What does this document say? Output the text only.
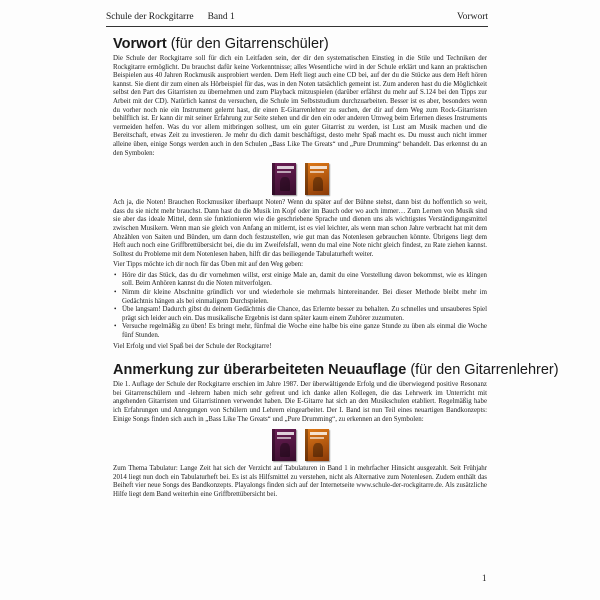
Schule der Rockgitarre Band 1	Vorwort
Vorwort (für den Gitarrenschüler)

Die Schule der Rockgitarre soll für dich ein Leitfaden sein, der dir den systematischen Einstieg in die Stile und Techniken der Rockgitarre ermöglicht. Du brauchst dafür keine Vorkenntnisse; alles Wesentliche wird in der Schule erklärt und kann an praktischen Beispielen aus 40 Jahren Rockmusik ausprobiert werden. Dem Heft liegt auch eine CD bei, auf der du die Stücke aus dem Heft hören kannst. Sie dient dir zum einen als Hörbeispiel für das, was in den Noten tatsächlich gemeint ist. Zum anderen hast du die Möglichkeit selbst den Part des Gitarristen zu übernehmen und zum Playback mitzuspielen (darüber erfährst du mehr auf S.124 bei den Tipps zur Arbeit mit der CD). Natürlich kannst du versuchen, die Schule im Selbststudium durchzuarbeiten. Besser ist es aber, besonders wenn du vorher noch nie ein Instrument gelernt hast, dir einen E-Gitarrenlehrer zu suchen, der dir auf dem Weg zum Rock-Gitarristen behilflich ist. Er kann dir mit seiner Erfahrung zur Seite stehen und dir den ein oder anderen Umweg beim Erlernen dieses Instruments vermeiden helfen. Was du vor allem mitbringen solltest, um ein guter Gitarrist zu werden, ist Lust am Musik machen und die Bereitschaft, etwas Zeit zu investieren. Je mehr du dich damit beschäftigst, desto mehr Spaß macht es. Du musst auch nicht immer alleine üben, einige Songs werden auch in den Schulen „Bass Like The Greats“ und „Pure Drumming“ behandelt. Das erkennst du an den Symbolen:

Ach ja, die Noten! Brauchen Rockmusiker überhaupt Noten? Wenn du später auf der Bühne stehst, dann bist du hoffentlich so weit, dass du sie nicht mehr brauchst. Dann hast du die Musik im Kopf oder im Bauch oder wo auch immer… Zum Lernen von Musik sind sie aber das ideale Mittel, denn sie funktionieren wie die geschriebene Sprache und dienen uns als wichtigstes Verständigungsmittel zwischen Musikern. Wenn man sie gleich von Anfang an mitlernt, ist es viel leichter, als wenn man schon Jahre verbracht hat mit dem Abzählen von Saiten und Bünden, um dann doch festzustellen, wie gut man das Notenlesen gebrauchen könnte. Übrigens liegt dem Heft auch noch eine Griffbrettübersicht bei, die du im Zweifelsfall, wenn du mal eine Note nicht gleich findest, zu Rate ziehen kannst. Solltest du Probleme mit dem Notenlesen haben, hilft dir das beiliegende Tabulaturheft weiter.

Vier Tipps möchte ich dir noch für das Üben mit auf den Weg geben:

• Höre dir das Stück, das du dir vornehmen willst, erst einige Male an, damit du eine Vorstellung davon bekommst, wie es klingen soll. Beim Anhören kannst du die Noten mitverfolgen.
• Nimm dir kleine Abschnitte gründlich vor und wiederhole sie mehrmals hintereinander. Bei dieser Methode bleibt mehr im Gedächtnis hängen als bei einmaligem Durchspielen.
• Übe langsam! Dadurch gibst du deinem Gedächtnis die Chance, das Erlernte besser zu behalten. Zu schnelles und unsauberes Spiel prägt sich leider auch ein. Das musikalische Ergebnis ist dann später kaum einem Zuhörer zuzumuten.
• Versuche regelmäßig zu üben! Es bringt mehr, fünfmal die Woche eine halbe bis eine ganze Stunde zu üben als einmal die Woche fünf Stunden.

Viel Erfolg und viel Spaß bei der Schule der Rockgitarre!

Anmerkung zur überarbeiteten Neuauflage (für den Gitarrenlehrer)

Die 1. Auflage der Schule der Rockgitarre erschien im Jahre 1987. Der überwältigende Erfolg und die überwiegend positive Resonanz bei Gitarrenschülern und -lehrern haben mich sehr gefreut und ich danke allen Kollegen, die das Lehrwerk im Unterricht mit angehenden Gitarristen und Gitarristinnen verwendet haben. Die E-Gitarre hat sich an den Musikschulen etabliert. Regelmäßig habe ich Erfahrungen und Anregungen von Schülern und Lehrern eingearbeitet. Der I. Band ist nun Teil eines neuartigen Bandkonzepts: Einige Songs finden sich auch in „Bass Like The Greats“ und „Pure Drumming“, zu erkennen an den Symbolen:

Zum Thema Tabulatur: Lange Zeit hat sich der Verzicht auf Tabulaturen in Band 1 in mehrfacher Hinsicht ausgezahlt. Seit Frühjahr 2014 liegt nun doch ein Tabulaturheft bei. Es ist als Hilfsmittel zu verstehen, nicht als Alternative zum Notenlesen. Zudem enthält das Beiheft vier neue Songs des Bandkonzepts. Playalongs finden sich auf der Internetseite www.schule-der-rockgitarre.de. Als zusätzliche Hilfe liegt dem Band weiterhin eine Griffbrettübersicht bei.

1
